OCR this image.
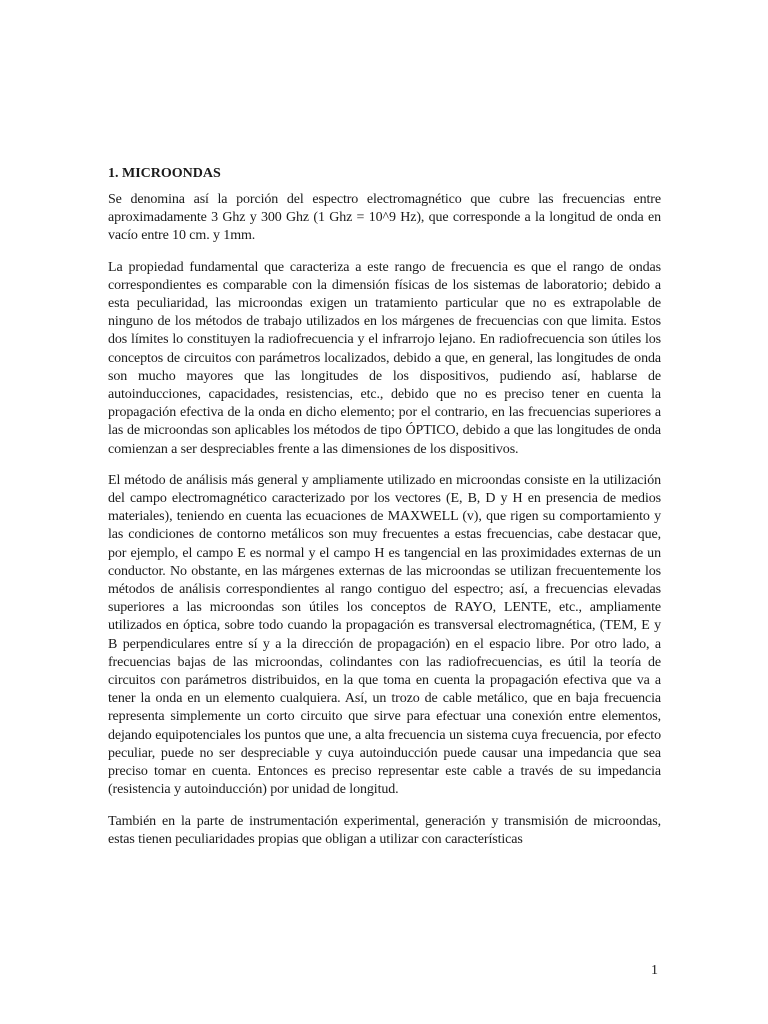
1. MICROONDAS

Se denomina así la porción del espectro electromagnético que cubre las frecuencias entre aproximadamente 3 Ghz y 300 Ghz (1 Ghz = 10^9 Hz), que corresponde a la longitud de onda en vacío entre 10 cm. y 1mm.

La propiedad fundamental que caracteriza a este rango de frecuencia es que el rango de ondas correspondientes es comparable con la dimensión físicas de los sistemas de laboratorio; debido a esta peculiaridad, las microondas exigen un tratamiento particular que no es extrapolable de ninguno de los métodos de trabajo utilizados en los márgenes de frecuencias con que limita. Estos dos límites lo constituyen la radiofrecuencia y el infrarrojo lejano. En radiofrecuencia son útiles los conceptos de circuitos con parámetros localizados, debido a que, en general, las longitudes de onda son mucho mayores que las longitudes de los dispositivos, pudiendo así, hablarse de autoinducciones, capacidades, resistencias, etc., debido que no es preciso tener en cuenta la propagación efectiva de la onda en dicho elemento; por el contrario, en las frecuencias superiores a las de microondas son aplicables los métodos de tipo ÓPTICO, debido a que las longitudes de onda comienzan a ser despreciables frente a las dimensiones de los dispositivos.

El método de análisis más general y ampliamente utilizado en microondas consiste en la utilización del campo electromagnético caracterizado por los vectores (E, B, D y H en presencia de medios materiales), teniendo en cuenta las ecuaciones de MAXWELL (v), que rigen su comportamiento y las condiciones de contorno metálicos son muy frecuentes a estas frecuencias, cabe destacar que, por ejemplo, el campo E es normal y el campo H es tangencial en las proximidades externas de un conductor. No obstante, en las márgenes externas de las microondas se utilizan frecuentemente los métodos de análisis correspondientes al rango contiguo del espectro; así, a frecuencias elevadas superiores a las microondas son útiles los conceptos de RAYO, LENTE, etc., ampliamente utilizados en óptica, sobre todo cuando la propagación es transversal electromagnética, (TEM, E y B perpendiculares entre sí y a la dirección de propagación) en el espacio libre. Por otro lado, a frecuencias bajas de las microondas, colindantes con las radiofrecuencias, es útil la teoría de circuitos con parámetros distribuidos, en la que toma en cuenta la propagación efectiva que va a tener la onda en un elemento cualquiera. Así, un trozo de cable metálico, que en baja frecuencia representa simplemente un corto circuito que sirve para efectuar una conexión entre elementos, dejando equipotenciales los puntos que une, a alta frecuencia un sistema cuya frecuencia, por efecto peculiar, puede no ser despreciable y cuya autoinducción puede causar una impedancia que sea preciso tomar en cuenta. Entonces es preciso representar este cable a través de su impedancia (resistencia y autoinducción) por unidad de longitud.

También en la parte de instrumentación experimental, generación y transmisión de microondas, estas tienen peculiaridades propias que obligan a utilizar con características

1
